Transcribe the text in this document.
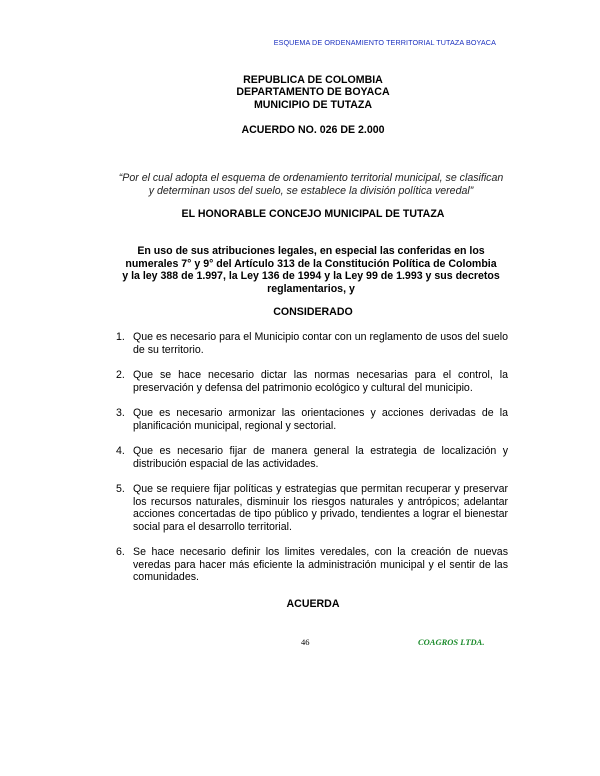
ESQUEMA DE ORDENAMIENTO TERRITORIAL TUTAZA BOYACA
REPUBLICA DE COLOMBIA
DEPARTAMENTO DE BOYACA
MUNICIPIO DE TUTAZA
ACUERDO NO. 026 DE 2.000
“Por el cual adopta el esquema de ordenamiento territorial municipal, se clasifican
y determinan usos del suelo, se establece la división política veredal”
EL HONORABLE CONCEJO MUNICIPAL DE TUTAZA
En uso de sus atribuciones legales, en especial las conferidas en los
numerales 7° y 9° del Artículo 313 de la Constitución Política de Colombia
y la ley 388 de 1.997, la Ley 136 de 1994 y la Ley 99 de 1.993 y sus decretos
reglamentarios, y
CONSIDERADO
1. Que es necesario para el Municipio contar con un reglamento de usos del suelo de su territorio.
2. Que se hace necesario dictar las normas necesarias para el control, la preservación y defensa del patrimonio ecológico y cultural del municipio.
3. Que es necesario armonizar las orientaciones y acciones derivadas de la planificación municipal, regional y sectorial.
4. Que es necesario fijar de manera general la estrategia de localización y distribución espacial de las actividades.
5. Que se requiere fijar políticas y estrategias que permitan recuperar y preservar los recursos naturales, disminuir los riesgos naturales y antrópicos; adelantar acciones concertadas de tipo público y privado, tendientes a lograr el bienestar social para el desarrollo territorial.
6. Se hace necesario definir los limites veredales, con la creación de nuevas veredas para hacer más eficiente la administración municipal y el sentir de las comunidades.
ACUERDA
46	COAGROS LTDA.
